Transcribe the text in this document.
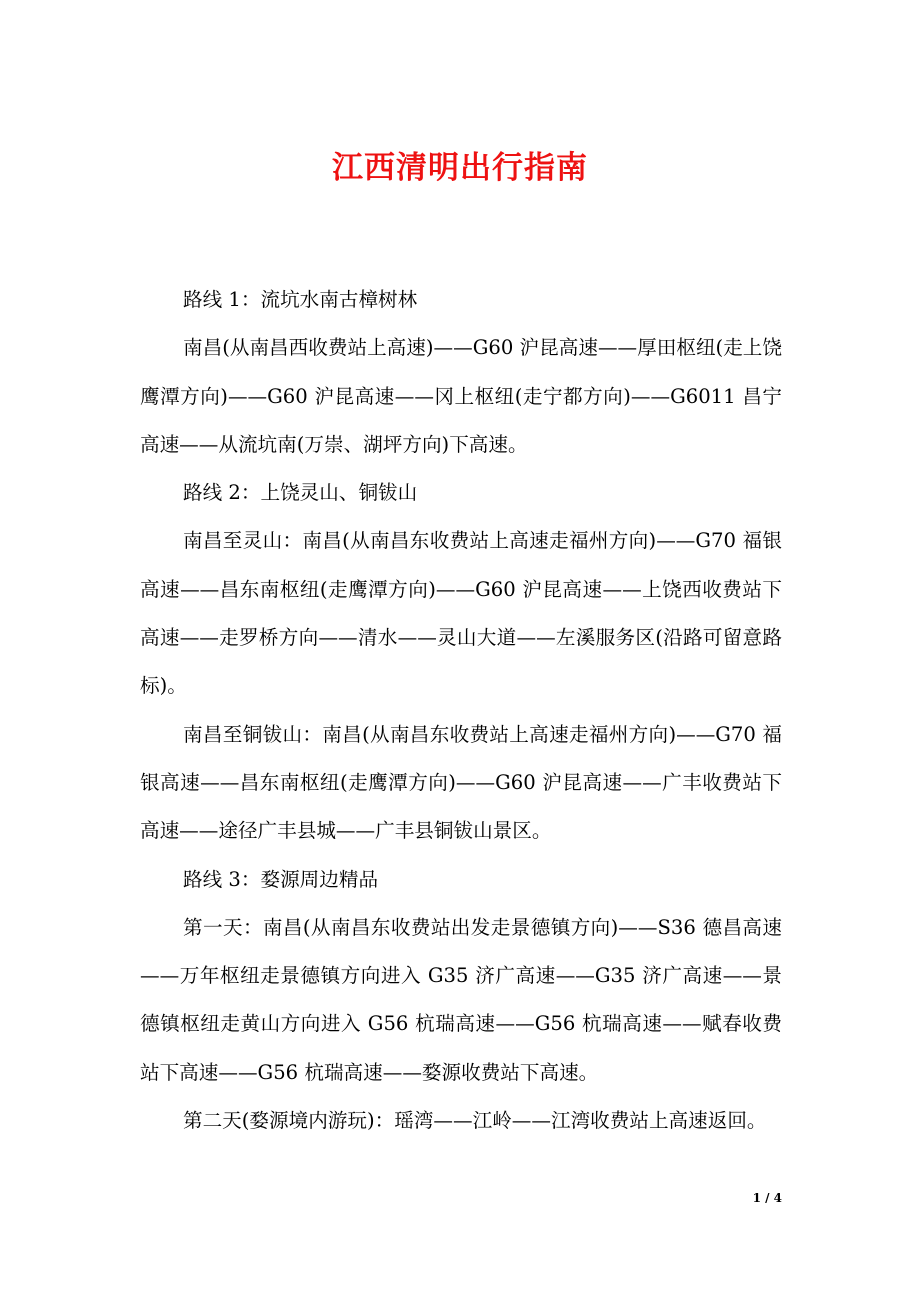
江西清明出行指南

路线 1：流坑水南古樟树林

南昌(从南昌西收费站上高速)——G60 沪昆高速——厚田枢纽(走上饶鹰潭方向)——G60 沪昆高速——冈上枢纽(走宁都方向)——G6011 昌宁高速——从流坑南(万崇、湖坪方向)下高速。

路线 2：上饶灵山、铜钹山

南昌至灵山：南昌(从南昌东收费站上高速走福州方向)——G70 福银高速——昌东南枢纽(走鹰潭方向)——G60 沪昆高速——上饶西收费站下高速——走罗桥方向——清水——灵山大道——左溪服务区(沿路可留意路标)。

南昌至铜钹山：南昌(从南昌东收费站上高速走福州方向)——G70 福银高速——昌东南枢纽(走鹰潭方向)——G60 沪昆高速——广丰收费站下高速——途径广丰县城——广丰县铜钹山景区。

路线 3：婺源周边精品

第一天：南昌(从南昌东收费站出发走景德镇方向)——S36 德昌高速——万年枢纽走景德镇方向进入 G35 济广高速——G35 济广高速——景德镇枢纽走黄山方向进入 G56 杭瑞高速——G56 杭瑞高速——赋春收费站下高速——G56 杭瑞高速——婺源收费站下高速。

第二天(婺源境内游玩)：瑶湾——江岭——江湾收费站上高速返回。

1 / 4
